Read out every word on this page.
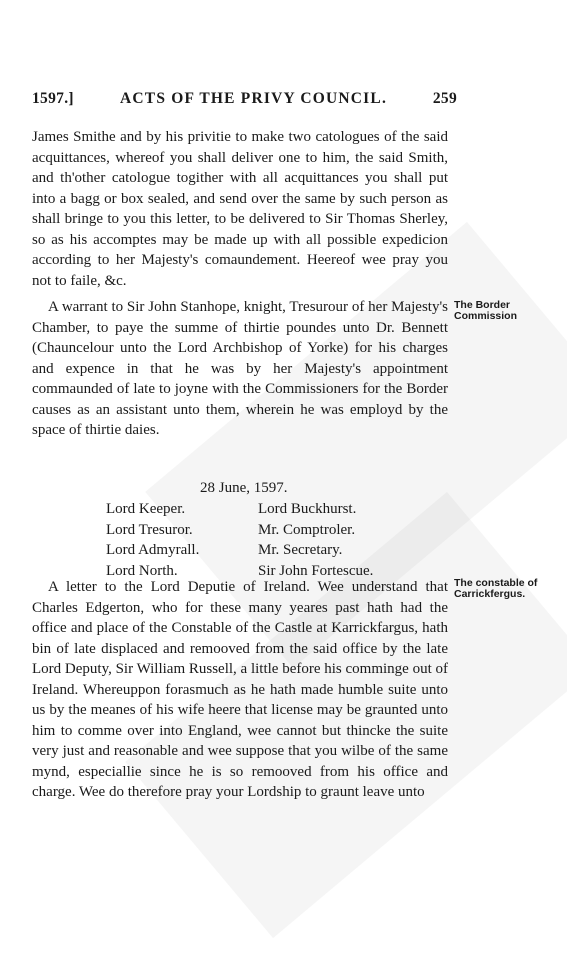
1597.]	ACTS OF THE PRIVY COUNCIL.	259

James Smithe and by his privitie to make two catologues of the said acquittances, whereof you shall deliver one to him, the said Smith, and th'other catologue togither with all acquittances you shall put into a bagg or box sealed, and send over the same by such person as shall bringe to you this letter, to be delivered to Sir Thomas Sherley, so as his accomptes may be made up with all possible expedicion according to her Majesty's comaundement. Heereof wee pray you not to faile, &c.

A warrant to Sir John Stanhope, knight, Tresurour of her Majesty's Chamber, to paye the summe of thirtie poundes unto Dr. Bennett (Chauncelour unto the Lord Archbishop of Yorke) for his charges and expence in that he was by her Majesty's appointment commaunded of late to joyne with the Commissioners for the Border causes as an assistant unto them, wherein he was employd by the space of thirtie daies.

The Border Commission
28 June, 1597.
Lord Keeper.	Lord Buckhurst.
Lord Tresuror.	Mr. Comptroler.
Lord Admyrall.	Mr. Secretary.
Lord North.	Sir John Fortescue.

A letter to the Lord Deputie of Ireland. Wee understand that Charles Edgerton, who for these many yeares past hath had the office and place of the Constable of the Castle at Karrickfargus, hath bin of late displaced and remooved from the said office by the late Lord Deputy, Sir William Russell, a little before his comminge out of Ireland. Whereuppon forasmuch as he hath made humble suite unto us by the meanes of his wife heere that license may be graunted unto him to comme over into England, wee cannot but thincke the suite very just and reasonable and wee suppose that you wilbe of the same mynd, especiallie since he is so remooved from his office and charge. Wee do therefore pray your Lordship to graunt leave unto

The constable of Carrickfergus.
